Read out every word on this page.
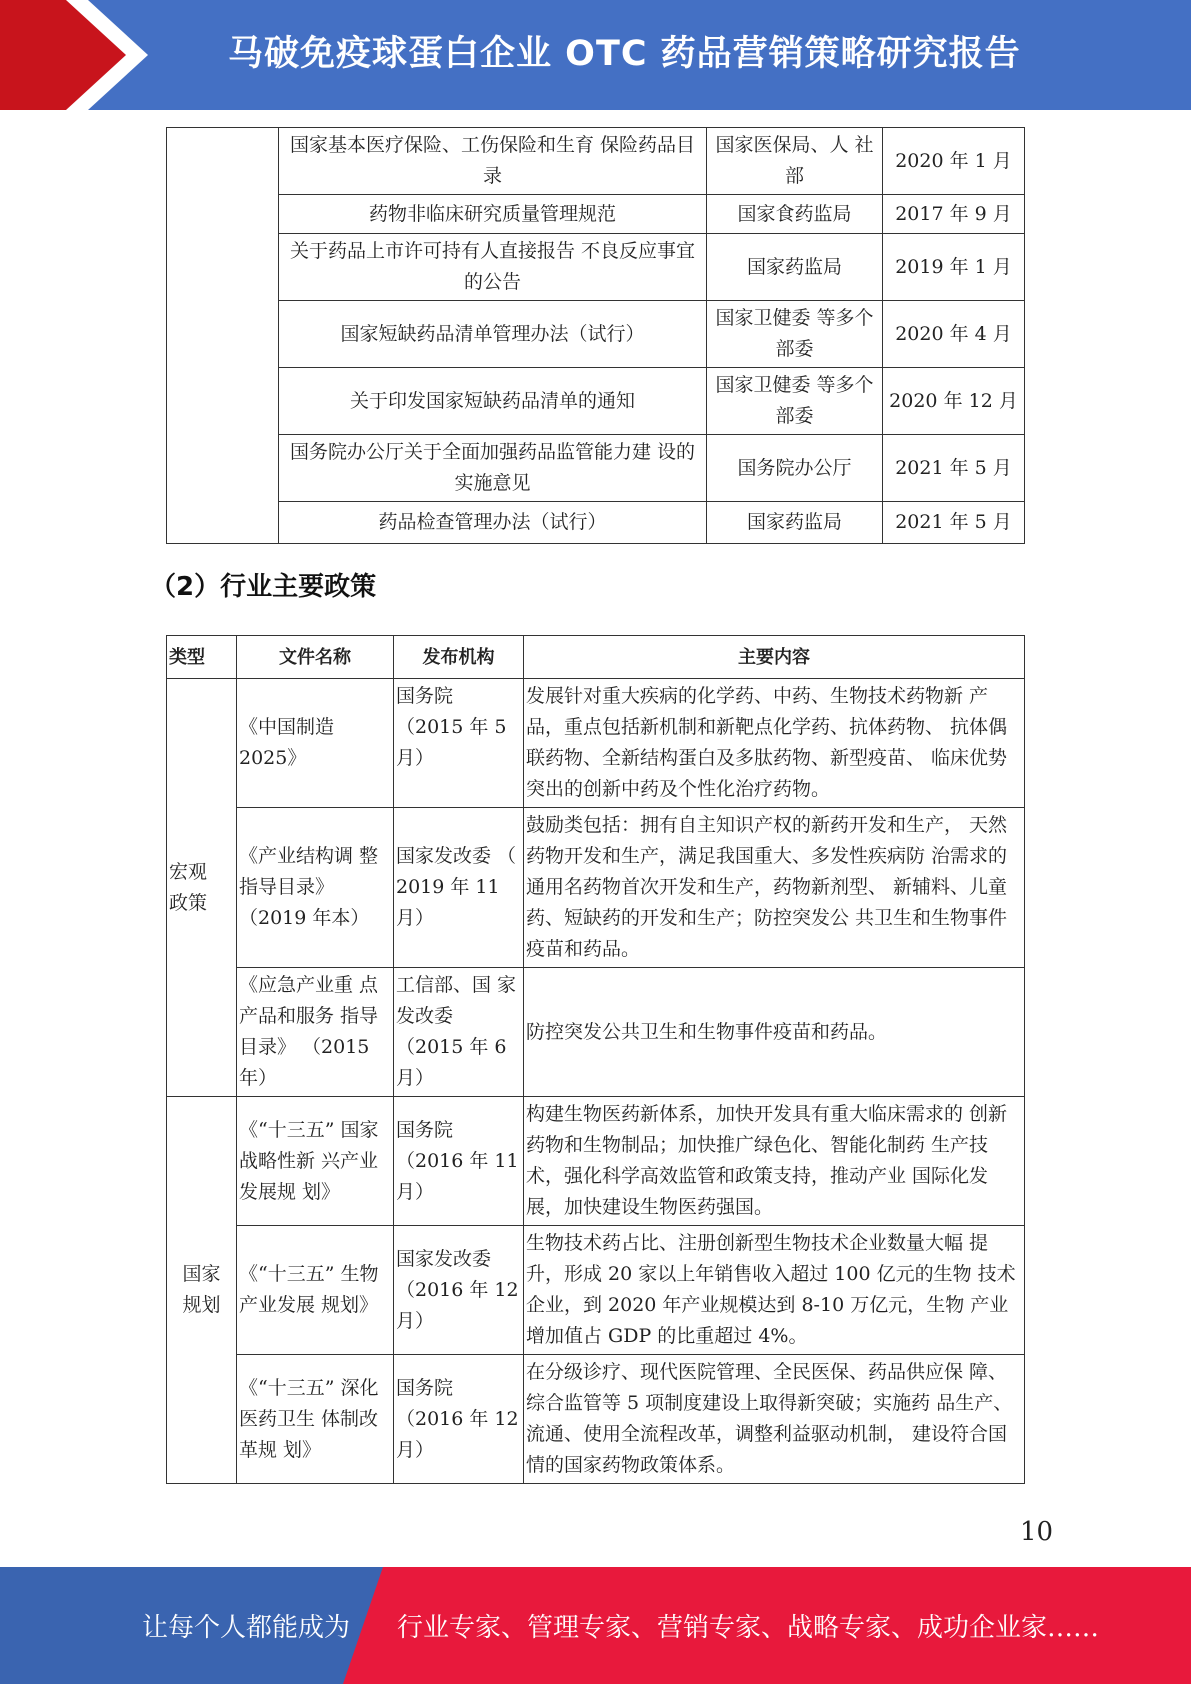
马破免疫球蛋白企业 OTC 药品营销策略研究报告
	国家基本医疗保险、工伤保险和生育 保险药品目录	国家医保局、人 社部	2020 年 1 月
	药物非临床研究质量管理规范	国家食药监局	2017 年 9 月
	关于药品上市许可持有人直接报告 不良反应事宜的公告	国家药监局	2019 年 1 月
	国家短缺药品清单管理办法（试行）	国家卫健委 等多个部委	2020 年 4 月
	关于印发国家短缺药品清单的通知	国家卫健委 等多个部委	2020 年 12 月
	国务院办公厅关于全面加强药品监管能力建 设的实施意见	国务院办公厅	2021 年 5 月
	药品检查管理办法（试行）	国家药监局	2021 年 5 月
（2）行业主要政策
类型	文件名称	发布机构	主要内容

宏观政策	《中国制造 2025》	国务院 （2015 年 5 月）	发展针对重大疾病的化学药、中药、生物技术药物新 产品，重点包括新机制和新靶点化学药、抗体药物、 抗体偶联药物、全新结构蛋白及多肽药物、新型疫苗、 临床优势突出的创新中药及个性化治疗药物。
	《产业结构调 整指导目录》 （2019 年本）	国家发改委 （ 2019 年 11 月）	鼓励类包括：拥有自主知识产权的新药开发和生产， 天然药物开发和生产，满足我国重大、多发性疾病防 治需求的通用名药物首次开发和生产，药物新剂型、 新辅料、儿童药、短缺药的开发和生产；防控突发公 共卫生和生物事件疫苗和药品。
	《应急产业重 点产品和服务 指导目录》 （2015 年）	工信部、国 家发改委 （2015 年 6 月）	防控突发公共卫生和生物事件疫苗和药品。

国家规划	《“十三五” 国家战略性新 兴产业发展规 划》	国务院 （2016 年 11 月）	构建生物医药新体系，加快开发具有重大临床需求的 创新药物和生物制品；加快推广绿色化、智能化制药 生产技术，强化科学高效监管和政策支持，推动产业 国际化发展，加快建设生物医药强国。
	《“十三五” 生物产业发展 规划》	国家发改委 （2016 年 12 月）	生物技术药占比、注册创新型生物技术企业数量大幅 提升，形成 20 家以上年销售收入超过 100 亿元的生物 技术企业，到 2020 年产业规模达到 8-10 万亿元，生物 产业增加值占 GDP 的比重超过 4%。
	《“十三五” 深化医药卫生 体制改革规 划》	国务院 （2016 年 12 月）	在分级诊疗、现代医院管理、全民医保、药品供应保 障、综合监管等 5 项制度建设上取得新突破；实施药 品生产、流通、使用全流程改革，调整利益驱动机制， 建设符合国情的国家药物政策体系。
10
让每个人都能成为 行业专家、管理专家、营销专家、战略专家、成功企业家……
